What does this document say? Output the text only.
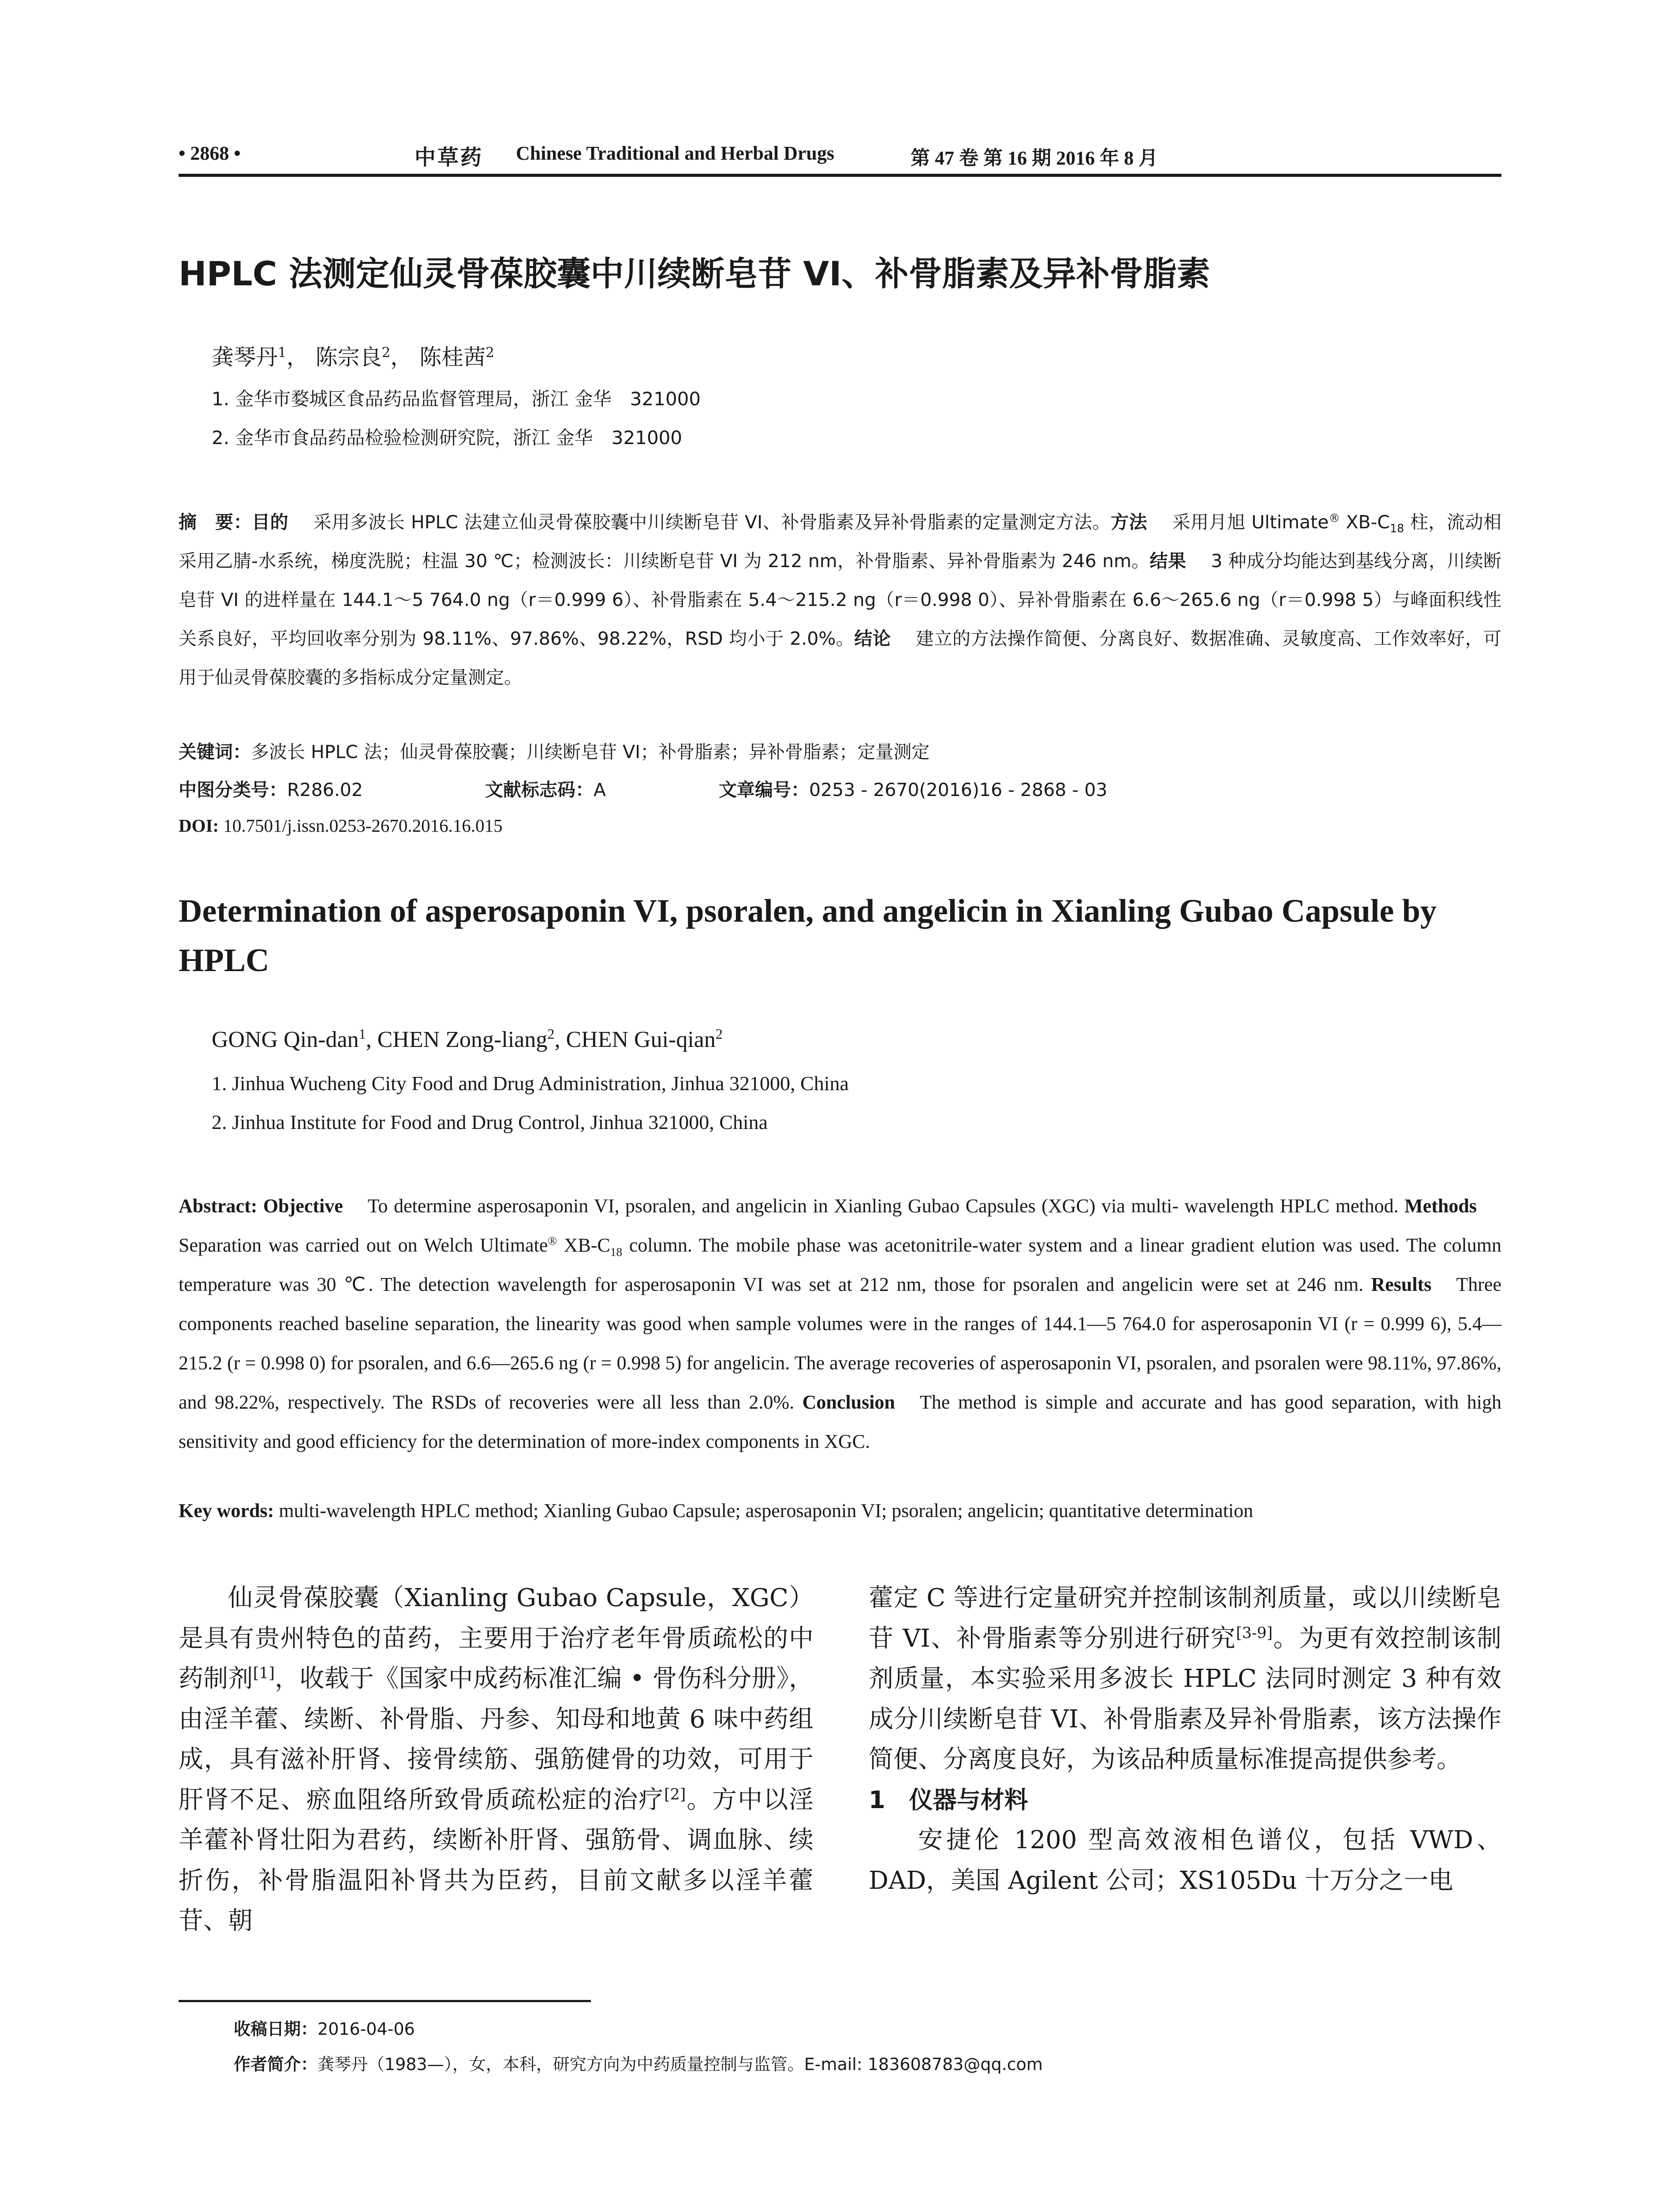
• 2868 •	中草药 Chinese Traditional and Herbal Drugs	第 47 卷 第 16 期 2016 年 8 月
HPLC 法测定仙灵骨葆胶囊中川续断皂苷 VI、补骨脂素及异补骨脂素
龚琴丹$^1$， 陈宗良$^2$， 陈桂茜$^2$
1. 金华市婺城区食品药品监督管理局，浙江 金华　321000
2. 金华市食品药品检验检测研究院，浙江 金华　321000
摘　要：目的 采用多波长 HPLC 法建立仙灵骨葆胶囊中川续断皂苷 VI、补骨脂素及异补骨脂素的定量测定方法。方法 采用月旭 Ultimate® $XB-C_{18}$ 柱，流动相采用乙腈-水系统，梯度洗脱；柱温 30 ℃；检测波长：川续断皂苷 VI 为 212 nm，补骨脂素、异补骨脂素为 246 nm。结果 3 种成分均能达到基线分离，川续断皂苷 VI 的进样量在 144.1～5 764.0 ng（r＝0.999 6）、补骨脂素在 5.4～215.2 ng（r＝0.998 0）、异补骨脂素在 6.6～265.6 ng（r＝0.998 5）与峰面积线性关系良好，平均回收率分别为 98.11%、97.86%、98.22%，RSD 均小于 2.0%。结论 建立的方法操作简便、分离良好、数据准确、灵敏度高、工作效率好，可用于仙灵骨葆胶囊的多指标成分定量测定。
关键词：多波长 HPLC 法；仙灵骨葆胶囊；川续断皂苷 VI；补骨脂素；异补骨脂素；定量测定
中图分类号：R286.02	文献标志码：A	文章编号：0253 - 2670(2016)16 - 2868 - 03
DOI: 10.7501/j.issn.0253-2670.2016.16.015
Determination of asperosaponin VI, psoralen, and angelicin in Xianling Gubao Capsule by HPLC
GONG Qin-dan$^1$, CHEN Zong-liang$^2$, CHEN Gui-qian$^2$
1. Jinhua Wucheng City Food and Drug Administration, Jinhua 321000, China
2. Jinhua Institute for Food and Drug Control, Jinhua 321000, China
Abstract: Objective To determine asperosaponin VI, psoralen, and angelicin in Xianling Gubao Capsules (XGC) via multi- wavelength HPLC method. MethodsSeparation was carried out on Welch Ultimate® $XB-C_{18}$ column. The mobile phase was acetonitrile-water system and a linear gradient elution was used. The column temperature was 30 ℃. The detection wavelength for asperosaponin VI was set at 212 nm, those for psoralen and angelicin were set at 246 nm. Results Three components reached baseline separation, the linearity was good when sample volumes were in the ranges of 144.1—5 764.0 for asperosaponin VI (r = 0.999 6), 5.4—215.2 (r = 0.998 0) for psoralen, and 6.6—265.6 ng (r = 0.998 5) for angelicin. The average recoveries of asperosaponin VI, psoralen, and psoralen were 98.11%, 97.86%, and 98.22%, respectively. The RSDs of recoveries were all less than 2.0%. Conclusion The method is simple and accurate and has good separation, with high sensitivity and good efficiency for the determination of more-index components in XGC.
Key words: multi-wavelength HPLC method; Xianling Gubao Capsule; asperosaponin VI; psoralen; angelicin; quantitative determination
仙灵骨葆胶囊（Xianling Gubao Capsule，XGC）是具有贵州特色的苗药，主要用于治疗老年骨质疏松的中药制剂[1]，收载于《国家中成药标准汇编 • 骨伤科分册》，由淫羊藿、续断、补骨脂、丹参、知母和地黄 6 味中药组成，具有滋补肝肾、接骨续筋、强筋健骨的功效，可用于肝肾不足、瘀血阻络所致骨质疏松症的治疗[2]。方中以淫羊藿补肾壮阳为君药，续断补肝肾、强筋骨、调血脉、续折伤，补骨脂温阳补肾共为臣药，目前文献多以淫羊藿苷、朝
藿定 C 等进行定量研究并控制该制剂质量，或以川续断皂苷 VI、补骨脂素等分别进行研究[3-9]。为更有效控制该制剂质量，本实验采用多波长 HPLC 法同时测定 3 种有效成分川续断皂苷 VI、补骨脂素及异补骨脂素，该方法操作简便、分离度良好，为该品种质量标准提高提供参考。
1　仪器与材料
安捷伦 1200 型高效液相色谱仪，包括 VWD、DAD，美国 Agilent 公司；XS105Du 十万分之一电
收稿日期：2016-04-06
作者简介：龚琴丹（1983—），女，本科，研究方向为中药质量控制与监管。E-mail: 183608783@qq.com
